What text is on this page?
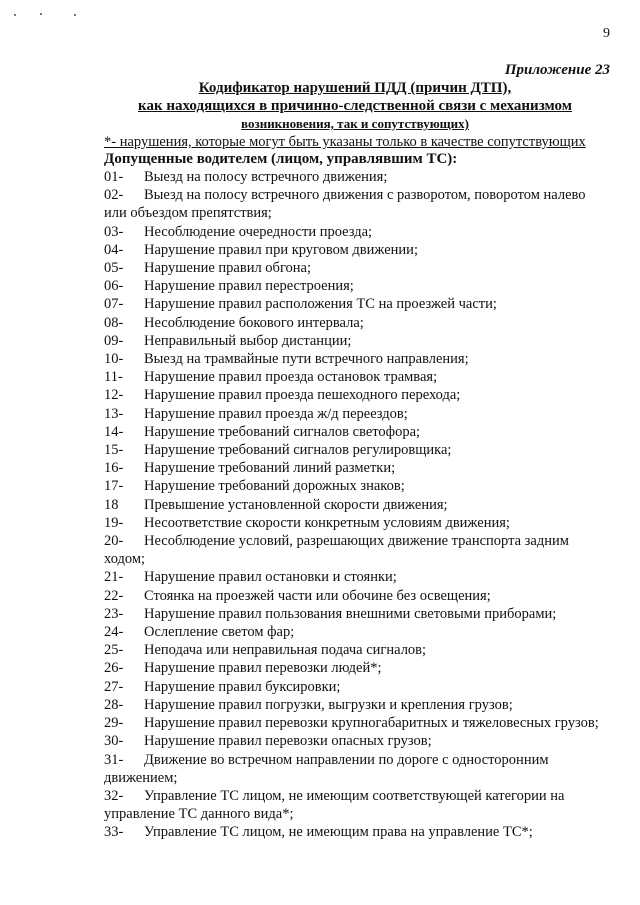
9
Приложение 23
Кодификатор нарушений ПДД (причин ДТП),
как находящихся в причинно-следственной связи с механизмом
возникновения, так и сопутствующих)
*- нарушения, которые могут быть указаны только в качестве сопутствующих
Допущенные водителем (лицом, управлявшим ТС):
01- Выезд на полосу встречного движения;
02- Выезд на полосу встречного движения с разворотом, поворотом налево или объездом препятствия;
03- Несоблюдение очередности проезда;
04- Нарушение правил при круговом движении;
05- Нарушение правил обгона;
06- Нарушение правил перестроения;
07- Нарушение правил расположения ТС на проезжей части;
08- Несоблюдение бокового интервала;
09- Неправильный выбор дистанции;
10- Выезд на трамвайные пути встречного направления;
11- Нарушение правил проезда остановок трамвая;
12- Нарушение правил проезда пешеходного перехода;
13- Нарушение правил проезда ж/д переездов;
14- Нарушение требований сигналов светофора;
15- Нарушение требований сигналов регулировщика;
16- Нарушение требований линий разметки;
17- Нарушение требований дорожных знаков;
18 Превышение установленной скорости движения;
19- Несоответствие скорости конкретным условиям движения;
20- Несоблюдение условий, разрешающих движение транспорта задним ходом;
21- Нарушение правил остановки и стоянки;
22- Стоянка на проезжей части или обочине без освещения;
23- Нарушение правил пользования внешними световыми приборами;
24- Ослепление светом фар;
25- Неподача или неправильная подача сигналов;
26- Нарушение правил перевозки людей*;
27- Нарушение правил буксировки;
28- Нарушение правил погрузки, выгрузки и крепления грузов;
29- Нарушение правил перевозки крупногабаритных и тяжеловесных грузов;
30- Нарушение правил перевозки опасных грузов;
31- Движение во встречном направлении по дороге с односторонним движением;
32- Управление ТС лицом, не имеющим соответствующей категории на управление ТС данного вида*;
33- Управление ТС лицом, не имеющим права на управление ТС*;
